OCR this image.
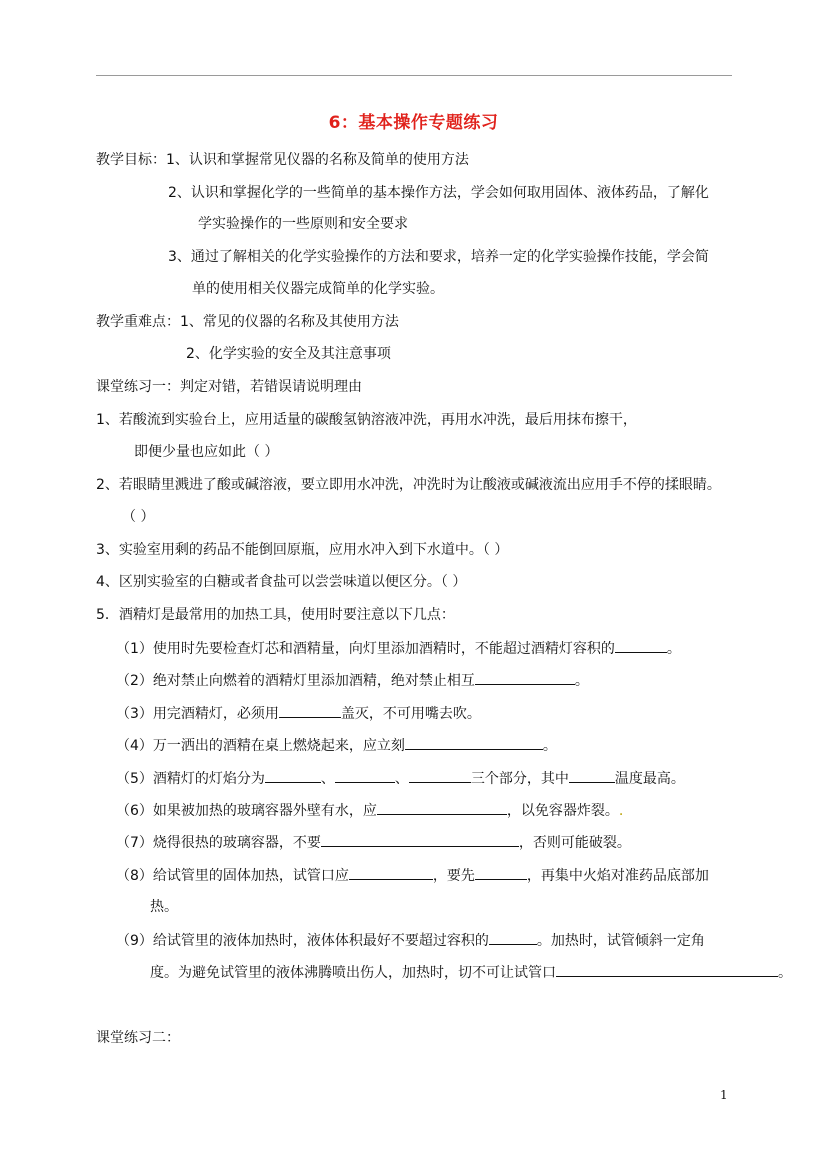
6：基本操作专题练习
教学目标：1、认识和掌握常见仪器的名称及简单的使用方法
2、认识和掌握化学的一些简单的基本操作方法，学会如何取用固体、液体药品，了解化
学实验操作的一些原则和安全要求
3、通过了解相关的化学实验操作的方法和要求，培养一定的化学实验操作技能，学会简
单的使用相关仪器完成简单的化学实验。
教学重难点：1、常见的仪器的名称及其使用方法
2、化学实验的安全及其注意事项
课堂练习一：判定对错，若错误请说明理由
1、若酸流到实验台上，应用适量的碳酸氢钠溶液冲洗，再用水冲洗，最后用抹布擦干，
即便少量也应如此（ ）
2、若眼睛里溅进了酸或碱溶液，要立即用水冲洗，冲洗时为让酸液或碱液流出应用手不停的揉眼睛。
（ ）
3、实验室用剩的药品不能倒回原瓶，应用水冲入到下水道中。（ ）
4、区别实验室的白糖或者食盐可以尝尝味道以便区分。（ ）
5．酒精灯是最常用的加热工具，使用时要注意以下几点：
（1）使用时先要检查灯芯和酒精量，向灯里添加酒精时，不能超过酒精灯容积的	。
（2）绝对禁止向燃着的酒精灯里添加酒精，绝对禁止相互	。
（3）用完酒精灯，必须用	盖灭，不可用嘴去吹。
（4）万一洒出的酒精在桌上燃烧起来，应立刻	。
（5）酒精灯的灯焰分为	、	、	三个部分，其中	温度最高。
（6）如果被加热的玻璃容器外壁有水，应	，以免容器炸裂。.
（7）烧得很热的玻璃容器，不要	，否则可能破裂。
（8）给试管里的固体加热，试管口应	，要先	，再集中火焰对准药品底部加
热。
（9）给试管里的液体加热时，液体体积最好不要超过容积的	。加热时，试管倾斜一定角
度。为避免试管里的液体沸腾喷出伤人，加热时，切不可让试管口	。
课堂练习二：
1
